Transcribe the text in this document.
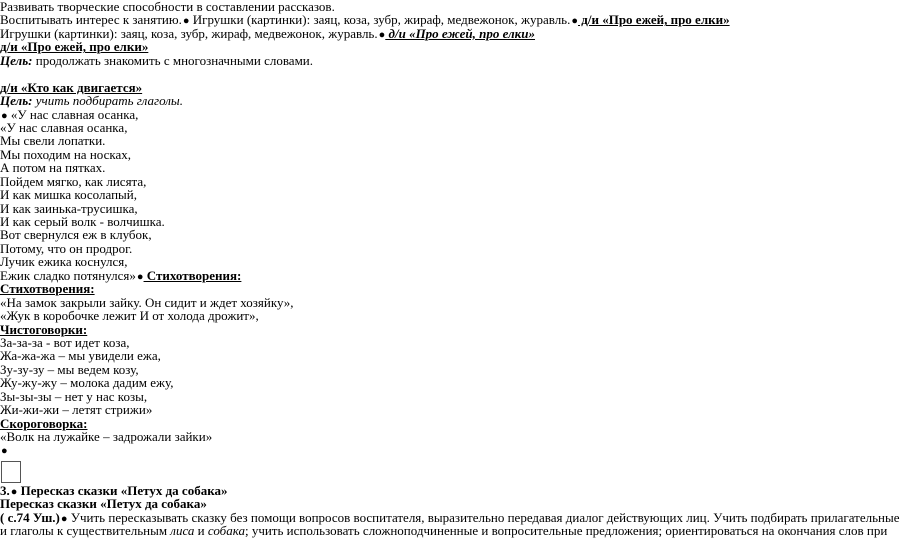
Развивать творческие способности в составлении рассказов.
Воспитывать интерес к занятию.● Игрушки (картинки): заяц, коза, зубр, жираф, медвежонок, журавль.● д/и «Про ежей, про елки»
Игрушки (картинки): заяц, коза, зубр, жираф, медвежонок, журавль.● д/и «Про ежей, про елки»
д/и «Про ежей, про елки»
Цель: продолжать знакомить с многозначными словами.
д/и «Кто как двигается»
Цель: учить подбирать глаголы.
● «У нас славная осанка,
«У нас славная осанка,
Мы свели лопатки.
Мы походим на носках,
А потом на пятках.
Пойдем мягко, как лисята,
И как мишка косолапый,
И как заинька-трусишка,
И как серый волк - волчишка.
Вот свернулся еж в клубок,
Потому, что он продрог.
Лучик ежика коснулся,
Ежик сладко потянулся»● Стихотворения:
Стихотворения:
«На замок закрыли зайку. Он сидит и ждет хозяйку»,
«Жук в коробочке лежит И от холода дрожит»,
Чистоговорки:
За-за-за - вот идет коза,
Жа-жа-жа – мы увидели ежа,
Зу-зу-зу – мы ведем козу,
Жу-жу-жу – молока дадим ежу,
Зы-зы-зы – нет у нас козы,
Жи-жи-жи – летят стрижи»
Скороговорка:
«Волк на лужайке – задрожали зайки»
●
3.● Пересказ сказки «Петух да собака»
Пересказ сказки «Петух да собака»
( с.74 Уш.)● Учить пересказывать сказку без помощи вопросов воспитателя, выразительно передавая диалог действующих лиц. Учить подбирать прилагательные
и глаголы к существительным лиса и собака; учить использовать сложноподчиненные и вопросительные предложения; ориентироваться на окончания слов при
